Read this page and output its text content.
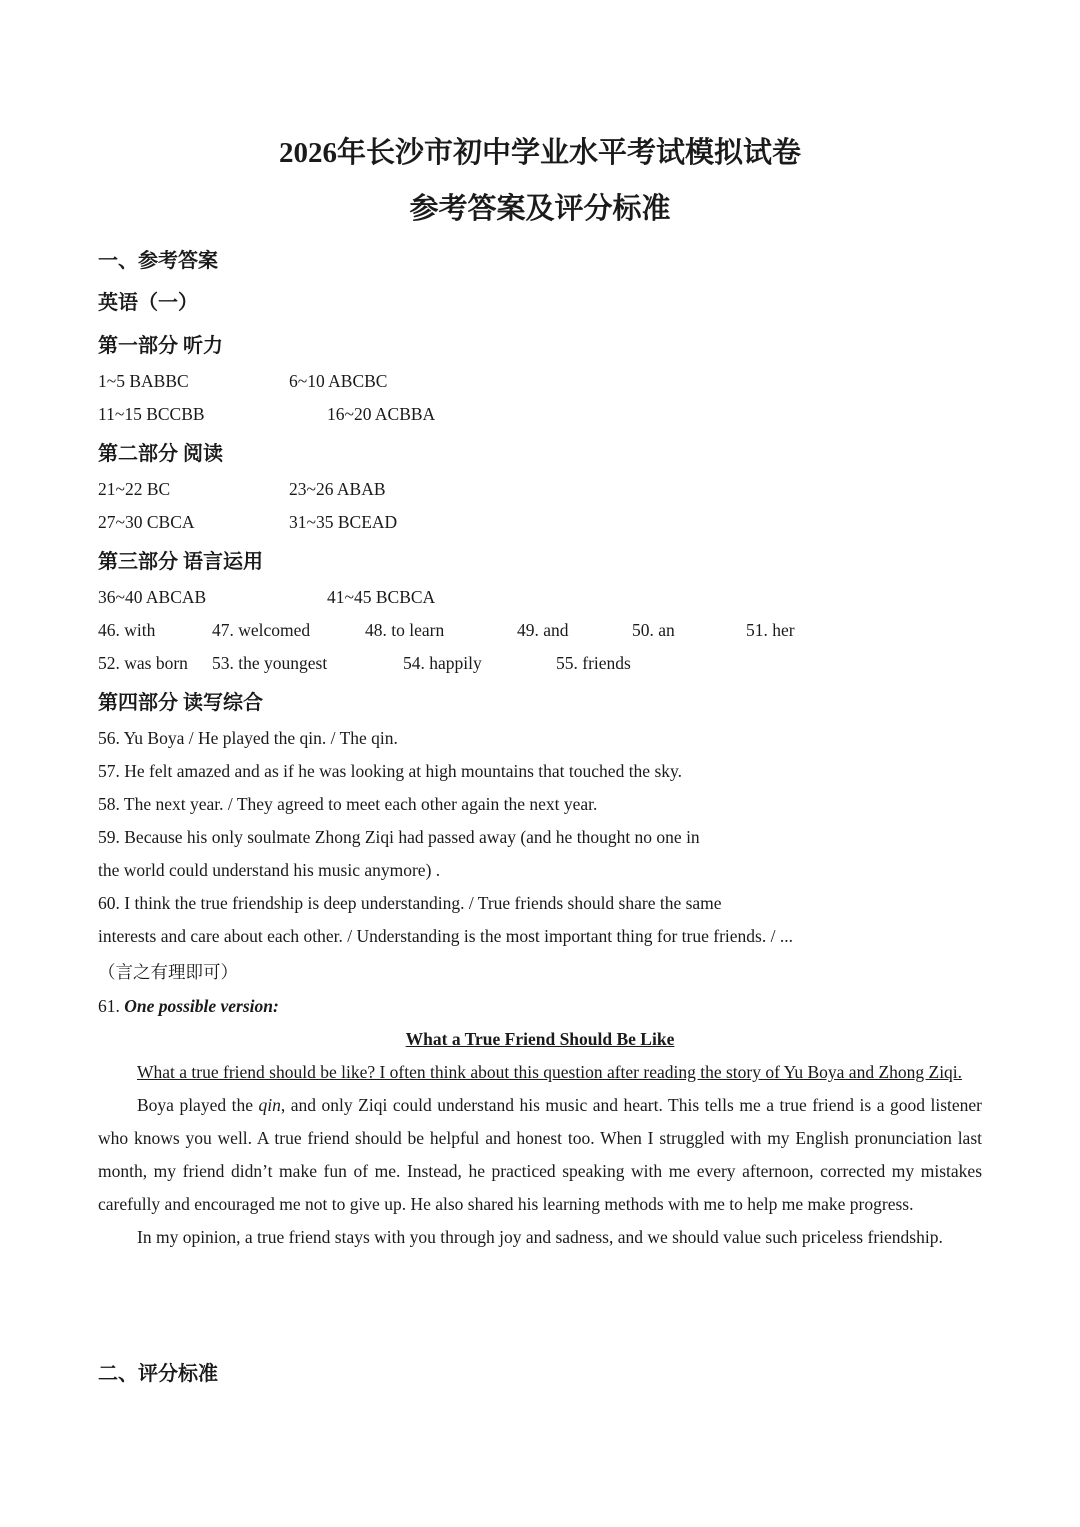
2026年长沙市初中学业水平考试模拟试卷
参考答案及评分标准
一、参考答案
英语（一）
第一部分 听力
1~5 BABBC	6~10 ABCBC
11~15 BCCBB	16~20 ACBBA
第二部分 阅读
21~22 BC	23~26 ABAB
27~30 CBCA	31~35 BCEAD
第三部分 语言运用
36~40 ABCAB	41~45 BCBCA
46. with	47. welcomed	48. to learn	49. and	50. an	51. her
52. was born 53. the youngest	54. happily	55. friends
第四部分 读写综合
56. Yu Boya / He played the qin. / The qin.
57. He felt amazed and as if he was looking at high mountains that touched the sky.
58. The next year. / They agreed to meet each other again the next year.
59. Because his only soulmate Zhong Ziqi had passed away (and he thought no one in
the world could understand his music anymore) .
60. I think the true friendship is deep understanding. / True friends should share the same
interests and care about each other. / Understanding is the most important thing for true friends. / ...
（言之有理即可）
61. One possible version:
What a True Friend Should Be Like
What a true friend should be like? I often think about this question after reading the story of Yu Boya and Zhong Ziqi.
Boya played the qin, and only Ziqi could understand his music and heart. This tells me a true friend is a good listener who knows you well. A true friend should be helpful and honest too. When I struggled with my English pronunciation last month, my friend didn’t make fun of me. Instead, he practiced speaking with me every afternoon, corrected my mistakes carefully and encouraged me not to give up. He also shared his learning methods with me to help me make progress.
In my opinion, a true friend stays with you through joy and sadness, and we should value such priceless friendship.
二、评分标准
